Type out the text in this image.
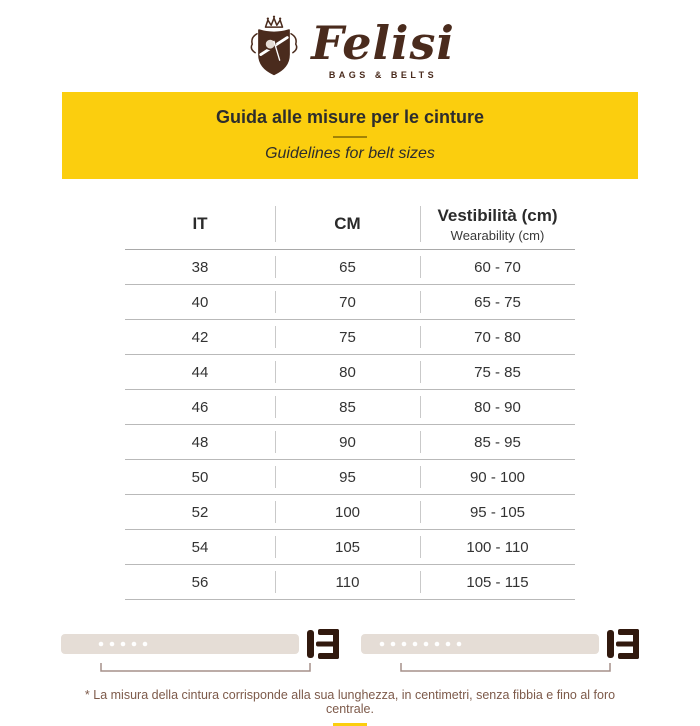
Felisi
BAGS & BELTS
Guida alle misure per le cinture
Guidelines for belt sizes
IT	CM	Vestibilità (cm)
Wearability (cm)
38	65	60 - 70
40	70	65 - 75
42	75	70 - 80
44	80	75 - 85
46	85	80 - 90
48	90	85 - 95
50	95	90 - 100
52	100	95 - 105
54	105	100 - 110
56	110	105 - 115
* La misura della cintura corrisponde alla sua lunghezza, in centimetri, senza fibbia e fino al foro centrale.
